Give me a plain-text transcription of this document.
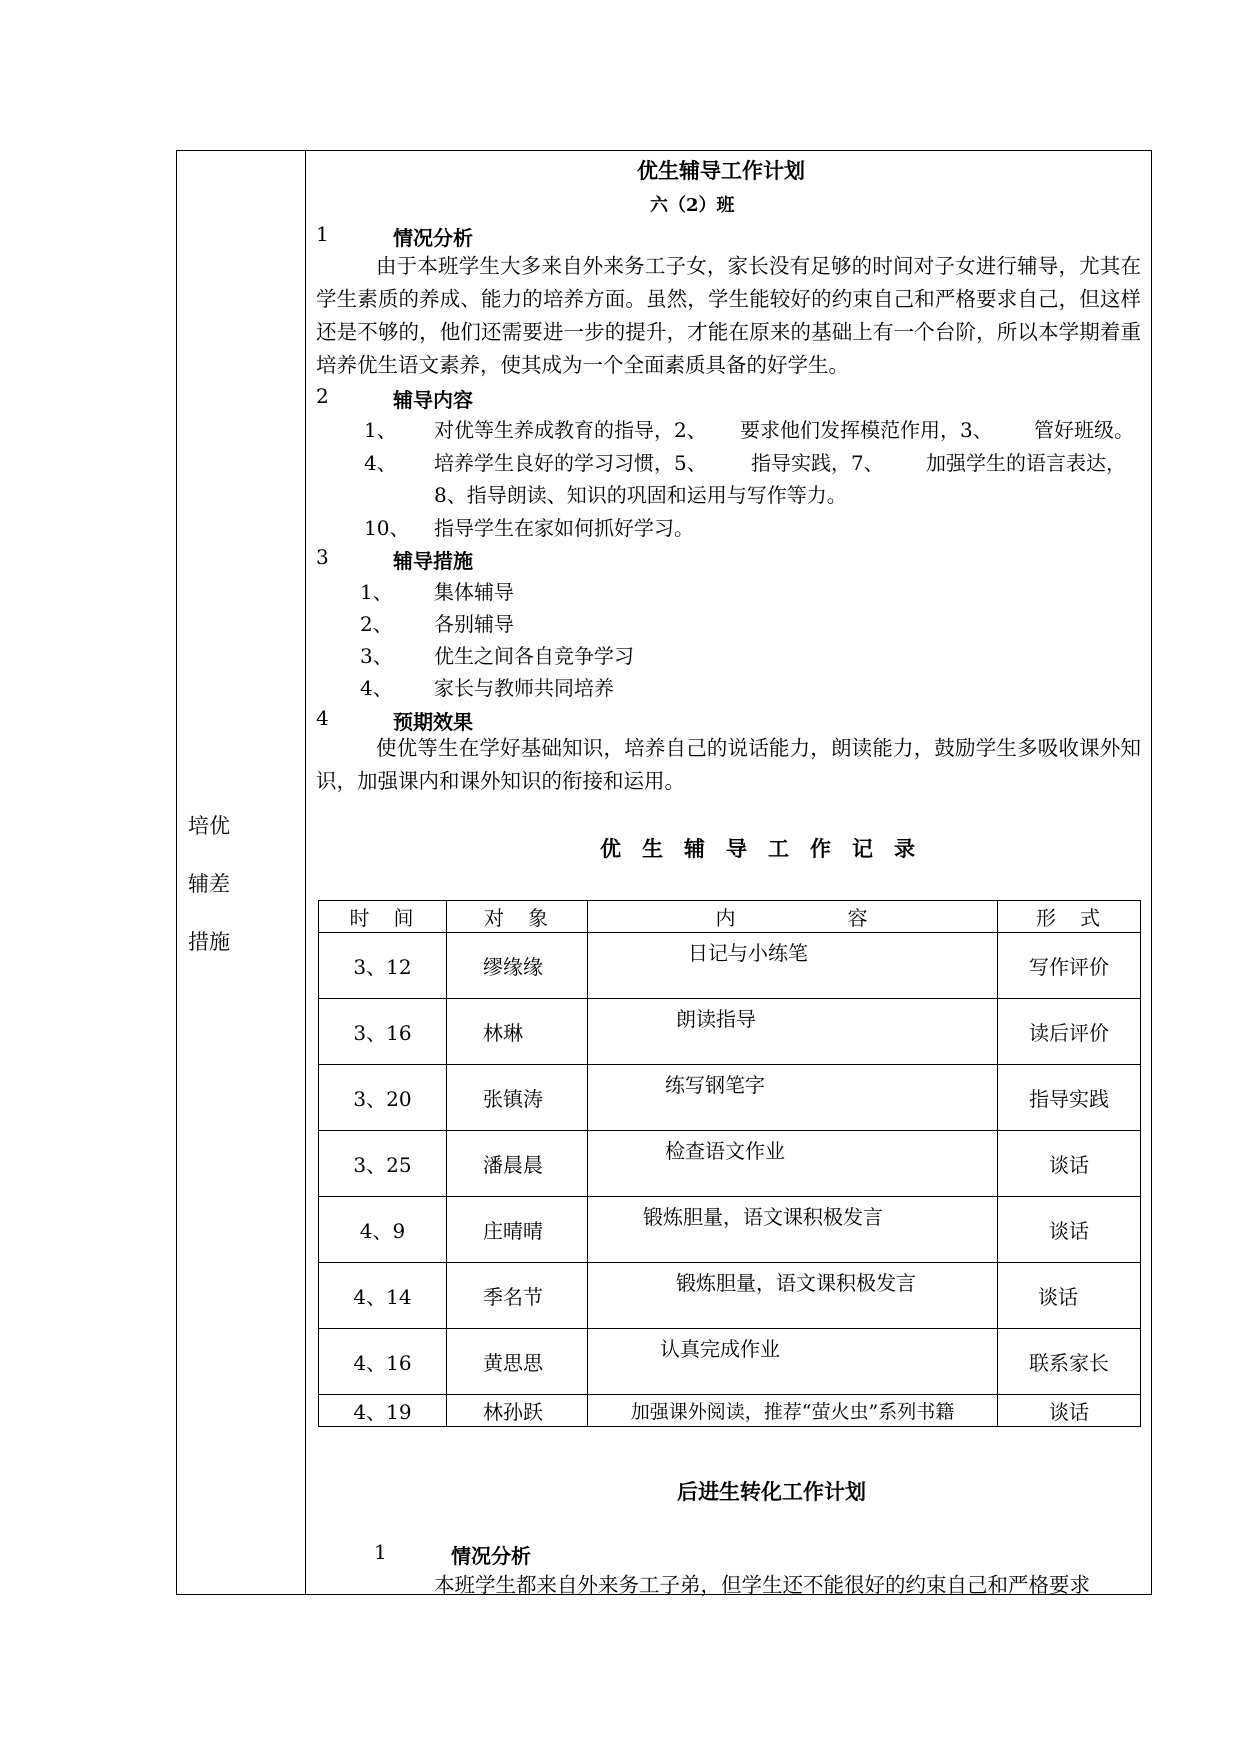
培优
辅差
措施
优生辅导工作计划
六（2）班
1	情况分析
由于本班学生大多来自外来务工子女，家长没有足够的时间对子女进行辅导，尤其在学生素质的养成、能力的培养方面。虽然，学生能较好的约束自己和严格要求自己，但这样还是不够的，他们还需要进一步的提升，才能在原来的基础上有一个台阶，所以本学期着重培养优生语文素养，使其成为一个全面素质具备的好学生。
2	辅导内容
1、 对优等生养成教育的指导，2、 要求他们发挥模范作用，3、 管好班级。
4、 培养学生良好的学习习惯，5、 指导实践，7、 加强学生的语言表达，
8、指导朗读、知识的巩固和运用与写作等力。
10、 指导学生在家如何抓好学习。
3	辅导措施
1、 集体辅导
2、 各别辅导
3、 优生之间各自竞争学习
4、 家长与教师共同培养
4	预期效果
使优等生在学好基础知识，培养自己的说话能力，朗读能力，鼓励学生多吸收课外知识，加强课内和课外知识的衔接和运用。
优　生　辅　导　工　作　记　录
时　间	对　象	内　　　　　容	形　式
3、12	缪缘缘	日记与小练笔	写作评价
3、16	林琳	朗读指导	读后评价
3、20	张镇涛	练写钢笔字	指导实践
3、25	潘晨晨	检查语文作业	谈话
4、9	庄晴晴	锻炼胆量，语文课积极发言	谈话
4、14	季名节	锻炼胆量，语文课积极发言	谈话
4、16	黄思思	认真完成作业	联系家长
4、19	林孙跃	加强课外阅读，推荐“萤火虫”系列书籍	谈话
后进生转化工作计划
1	情况分析
本班学生都来自外来务工子弟，但学生还不能很好的约束自己和严格要求
